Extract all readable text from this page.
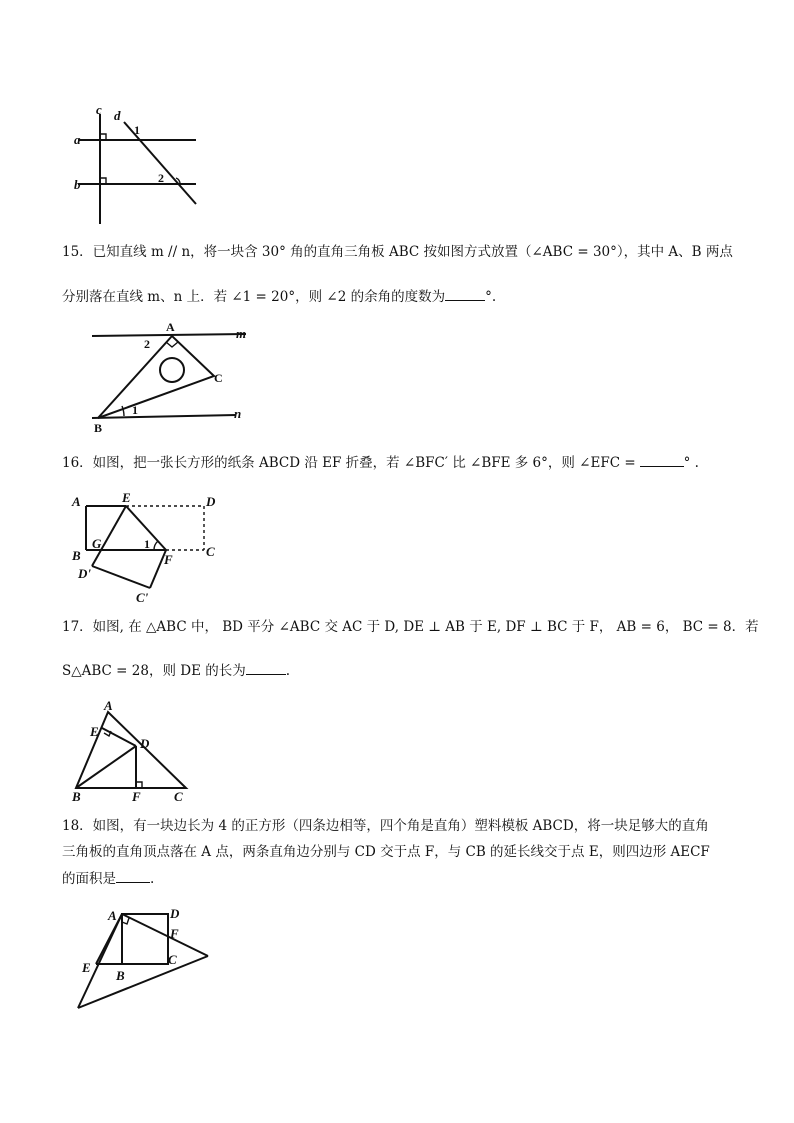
c d
a
b
1
2
15．已知直线 m // n，将一块含 30° 角的直角三角板 ABC 按如图方式放置（∠ABC = 30°），其中 A、B 两点
分别落在直线 m、n 上．若 ∠1 = 20°，则 ∠2 的余角的度数为	°.
A	m
n
B
C
1
2
16．如图，把一张长方形的纸条 ABCD 沿 EF 折叠，若 ∠BFC′ 比 ∠BFE 多 6°，则 ∠EFC =	° .
A	E	D
B
G	1
F
C
D'
C'
17．如图, 在 △ABC 中， BD 平分 ∠ABC 交 AC 于 D, DE ⊥ AB 于 E, DF ⊥ BC 于 F， AB = 6， BC = 8．若
S△ABC = 28，则 DE 的长为	.
A
E
D
B	F	C
18．如图，有一块边长为 4 的正方形（四条边相等，四个角是直角）塑料模板 ABCD，将一块足够大的直角
三角板的直角顶点落在 A 点，两条直角边分别与 CD 交于点 F，与 CB 的延长线交于点 E，则四边形 AECF
的面积是	.
A	D
F
E
B
C
